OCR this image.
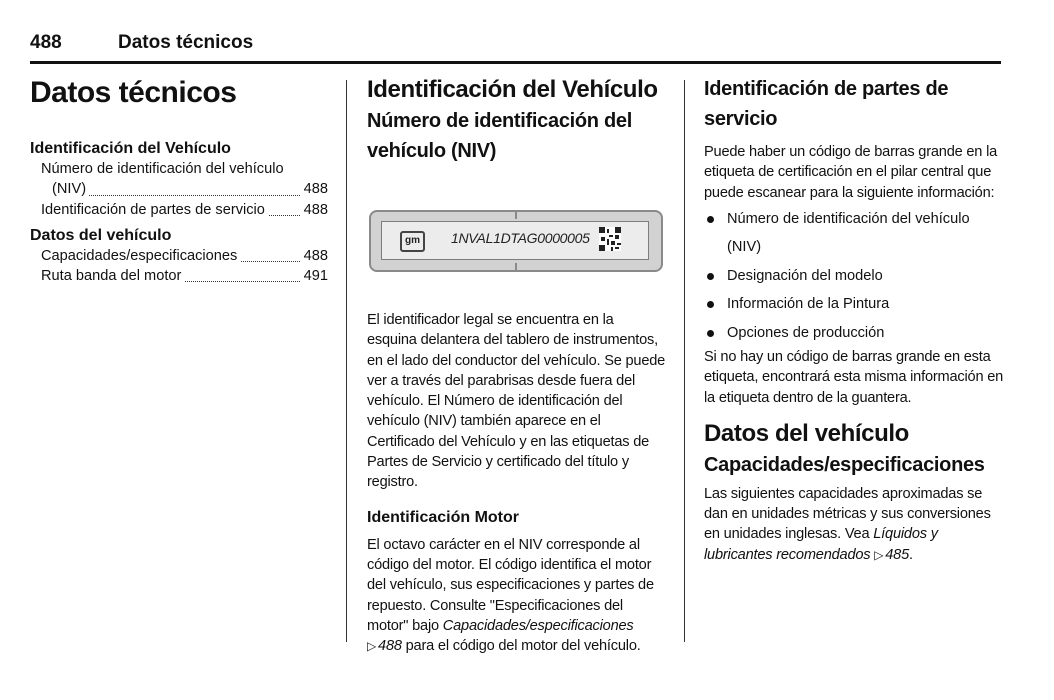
488	Datos técnicos
Datos técnicos
Identificación del Vehículo
Número de identificación del vehículo
(NIV)	488
Identificación de partes de servicio	488
Datos del vehículo
Capacidades/especificaciones	488
Ruta banda del motor	491
Identificación del Vehículo
Número de identificación del vehículo (NIV)
gm	1NVAL1DTAG0000005
El identificador legal se encuentra en la esquina delantera del tablero de instrumentos, en el lado del conductor del vehículo. Se puede ver a través del parabrisas desde fuera del vehículo. El Número de identificación del vehículo (NIV) también aparece en el Certificado del Vehículo y en las etiquetas de Partes de Servicio y certificado del título y registro.
Identificación Motor
El octavo carácter en el NIV corresponde al código del motor. El código identifica el motor del vehículo, sus especificaciones y partes de repuesto. Consulte "Especificaciones del motor" bajo Capacidades/especificaciones
▷ 488 para el código del motor del vehículo.
Identificación de partes de servicio
Puede haber un código de barras grande en la etiqueta de certificación en el pilar central que puede escanear para la siguiente información:
Número de identificación del vehículo (NIV)
Designación del modelo
Información de la Pintura
Opciones de producción
Si no hay un código de barras grande en esta etiqueta, encontrará esta misma información en la etiqueta dentro de la guantera.
Datos del vehículo
Capacidades/especificaciones
Las siguientes capacidades aproximadas se dan en unidades métricas y sus conversiones en unidades inglesas. Vea Líquidos y lubricantes recomendados ▷ 485.
